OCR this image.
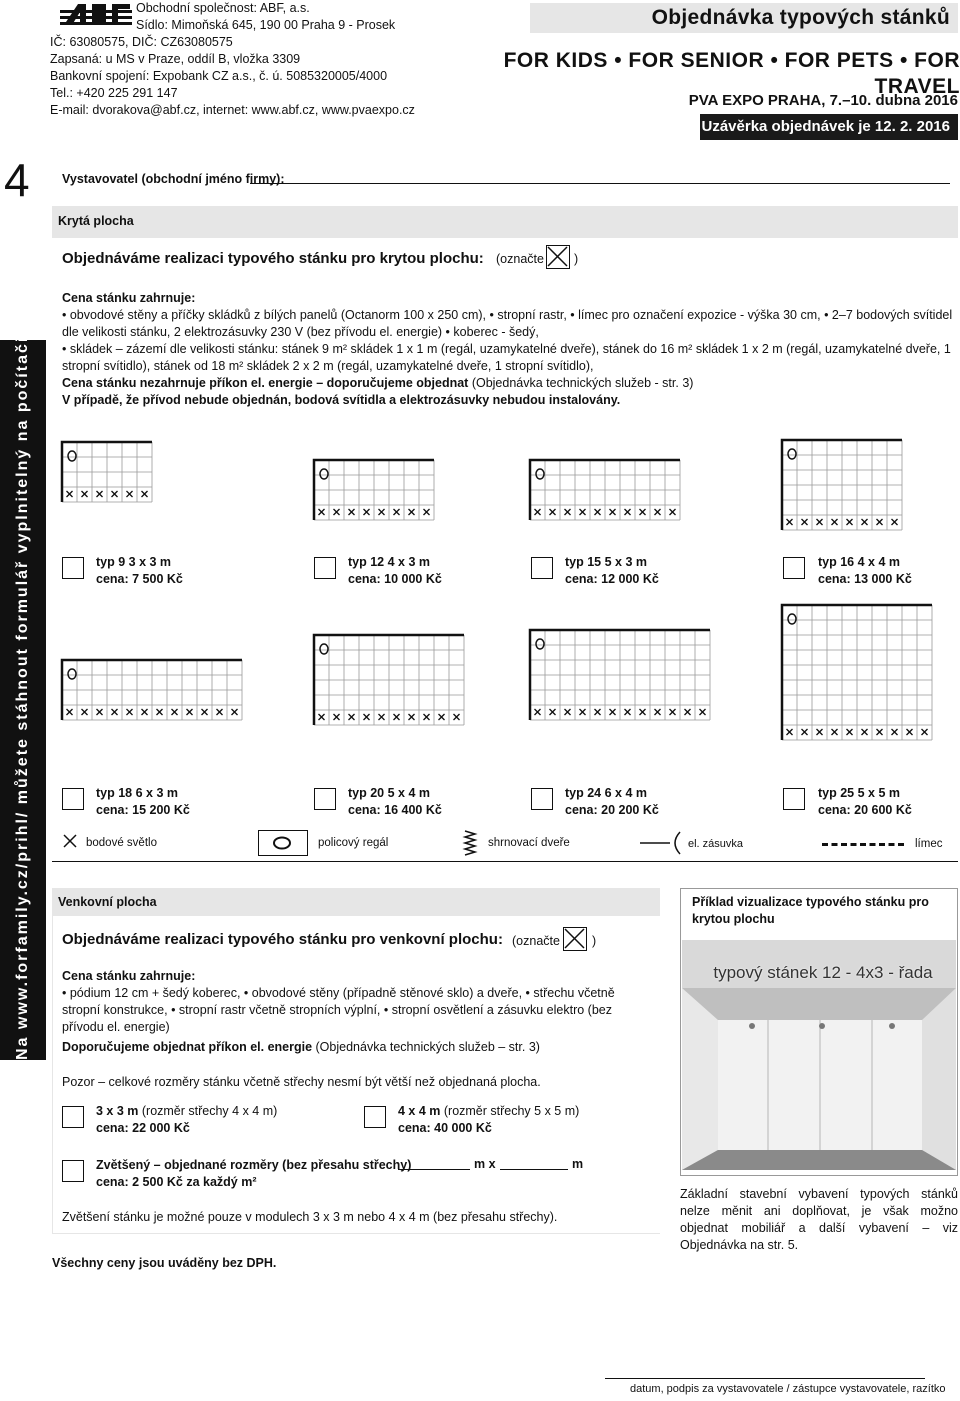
Obchodní společnost: ABF, a.s.
Sídlo: Mimoňská 645, 190 00 Praha 9 - Prosek
IČ: 63080575, DIČ: CZ63080575
Zapsaná: u MS v Praze, oddíl B, vložka 3309
Bankovní spojení: Expobank CZ a.s., č. ú. 5085320005/4000
Tel.: +420 225 291 147
E-mail: dvorakova@abf.cz, internet: www.abf.cz, www.pvaexpo.cz
Objednávka typových stánků
FOR KIDS • FOR SENIOR • FOR PETS • FOR TRAVEL
PVA EXPO PRAHA, 7.–10. dubna 2016
Uzávěrka objednávek je 12. 2. 2016
4	Vystavovatel (obchodní jméno firmy):
Na www.forfamily.cz/prihl/ můžete stáhnout formulář vyplnitelný na počítači.
Krytá plocha
Objednáváme realizaci typového stánku pro krytou plochu: (označte )
Cena stánku zahrnuje:
• obvodové stěny a příčky skládků z bílých panelů (Octanorm 100 x 250 cm), • stropní rastr, • límec pro označení expozice - výška 30 cm, • 2–7 bodových svítidel dle velikosti stánku, 2 elektrozásuvky 230 V (bez přívodu el. energie) • koberec - šedý,
• skládek – zázemí dle velikosti stánku: stánek 9 m² skládek 1 x 1 m (regál, uzamykatelné dveře), stánek do 16 m² skládek 1 x 2 m (regál, uzamykatelné dveře, 1 stropní svítidlo), stánek od 18 m² skládek 2 x 2 m (regál, uzamykatelné dveře, 1 stropní svítidlo),
Cena stánku nezahrnuje příkon el. energie – doporučujeme objednat (Objednávka technických služeb - str. 3)
V případě, že přívod nebude objednán, bodová svítidla a elektrozásuvky nebudou instalovány.
typ 9 3 x 3 m
cena: 7 500 Kč
typ 12 4 x 3 m
cena: 10 000 Kč
typ 15 5 x 3 m
cena: 12 000 Kč
typ 16 4 x 4 m
cena: 13 000 Kč
typ 18 6 x 3 m
cena: 15 200 Kč
typ 20 5 x 4 m
cena: 16 400 Kč
typ 24 6 x 4 m
cena: 20 200 Kč
typ 25 5 x 5 m
cena: 20 600 Kč
bodové světlo	policový regál	shrnovací dveře	el. zásuvka	límec
Venkovní plocha
Objednáváme realizaci typového stánku pro venkovní plochu: (označte	)
Cena stánku zahrnuje:
• pódium 12 cm + šedý koberec, • obvodové stěny (případně stěnové sklo) a dveře, • střechu včetně stropní konstrukce, • stropní rastr včetně stropních výplní, • stropní osvětlení a zásuvku elektro (bez přívodu el. energie)
Doporučujeme objednat příkon el. energie (Objednávka technických služeb – str. 3)
Pozor – celkové rozměry stánku včetně střechy nesmí být větší než objednaná plocha.
3 x 3 m (rozměr střechy 4 x 4 m)
cena: 22 000 Kč
4 x 4 m (rozměr střechy 5 x 5 m)
cena: 40 000 Kč
Zvětšený – objednané rozměry (bez přesahu střechy)
cena: 2 500 Kč za každý m²
m x	m
Zvětšení stánku je možné pouze v modulech 3 x 3 m nebo 4 x 4 m (bez přesahu střechy).
Příklad vizualizace typového stánku pro krytou plochu
typový stánek 12 - 4x3 - řada
Základní stavební vybavení typových stánků nelze měnit ani doplňovat, je však možno objednat mobiliář a další vybavení – viz Objednávka na str. 5.
Všechny ceny jsou uváděny bez DPH.
datum, podpis za vystavovatele / zástupce vystavovatele, razítko
